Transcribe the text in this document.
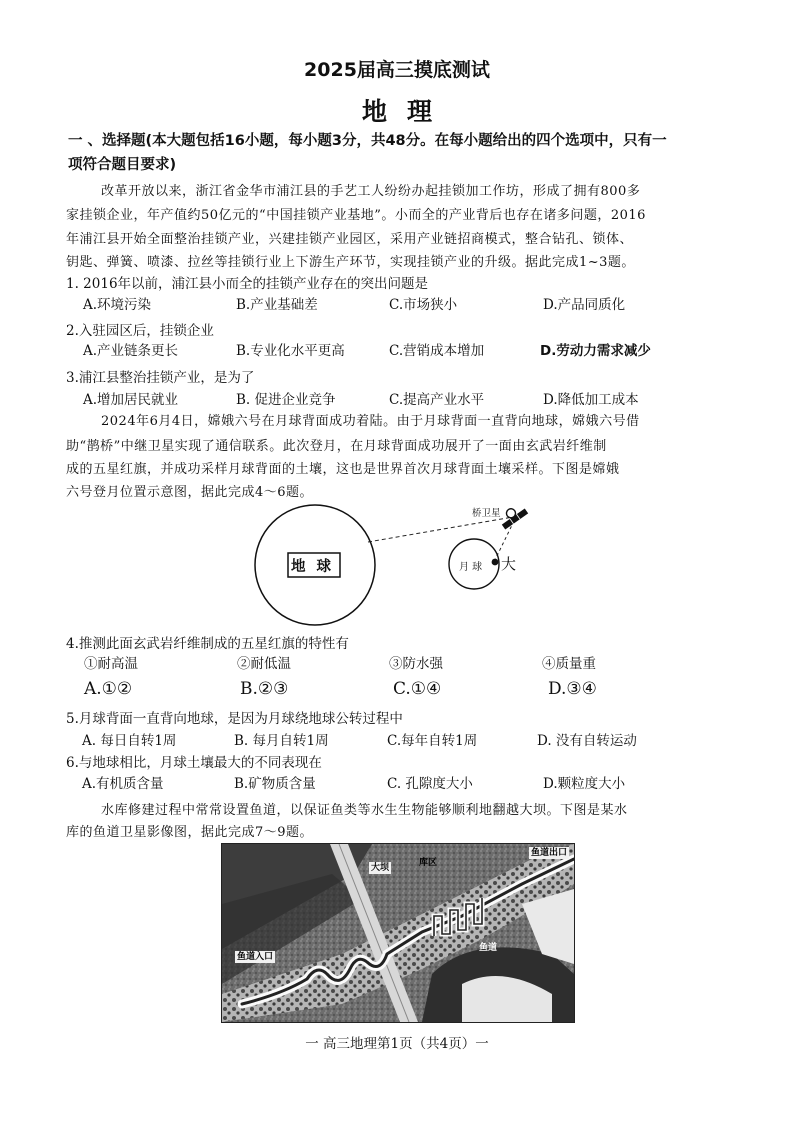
2025届高三摸底测试
地理
一 、选择题(本大题包括16小题，每小题3分，共48分。在每小题给出的四个选项中，只有一
项符合题目要求)
改革开放以来，浙江省金华市浦江县的手艺工人纷纷办起挂锁加工作坊，形成了拥有800多
家挂锁企业，年产值约50亿元的“中国挂锁产业基地”。小而全的产业背后也存在诸多问题，2016
年浦江县开始全面整治挂锁产业，兴建挂锁产业园区，采用产业链招商模式，整合钻孔、锁体、
钥匙、弹簧、喷漆、拉丝等挂锁行业上下游生产环节，实现挂锁产业的升级。据此完成1~3题。
1. 2016年以前，浦江县小而全的挂锁产业存在的突出问题是
A.环境污染	B.产业基础差	C.市场狭小	D.产品同质化
2.入驻园区后，挂锁企业
A.产业链条更长	B.专业化水平更高	C.营销成本增加	D.劳动力需求减少
3.浦江县整治挂锁产业，是为了
A.增加居民就业	B. 促进企业竞争	C.提高产业水平	D.降低加工成本
2024年6月4日，嫦娥六号在月球背面成功着陆。由于月球背面一直背向地球，嫦娥六号借
助“鹊桥”中继卫星实现了通信联系。此次登月，在月球背面成功展开了一面由玄武岩纤维制
成的五星红旗，并成功采样月球背面的土壤，这也是世界首次月球背面土壤采样。下图是嫦娥
六号登月位置示意图，据此完成4～6题。
地 球	月 球
桥卫星
大
4.推测此面玄武岩纤维制成的五星红旗的特性有
①耐高温	②耐低温	③防水强	④质量重
A.①②	B.②③	C.①④	D.③④
5.月球背面一直背向地球，是因为月球绕地球公转过程中
A. 每日自转1周	B. 每月自转1周	C.每年自转1周	D. 没有自转运动
6.与地球相比，月球土壤最大的不同表现在
A.有机质含量	B.矿物质含量	C. 孔隙度大小	D.颗粒度大小
水库修建过程中常常设置鱼道，以保证鱼类等水生生物能够顺利地翻越大坝。下图是某水
库的鱼道卫星影像图，据此完成7～9题。
大坝	库区
鱼道出口
鱼道入口
鱼道
一 高三地理第1页（共4页）一
